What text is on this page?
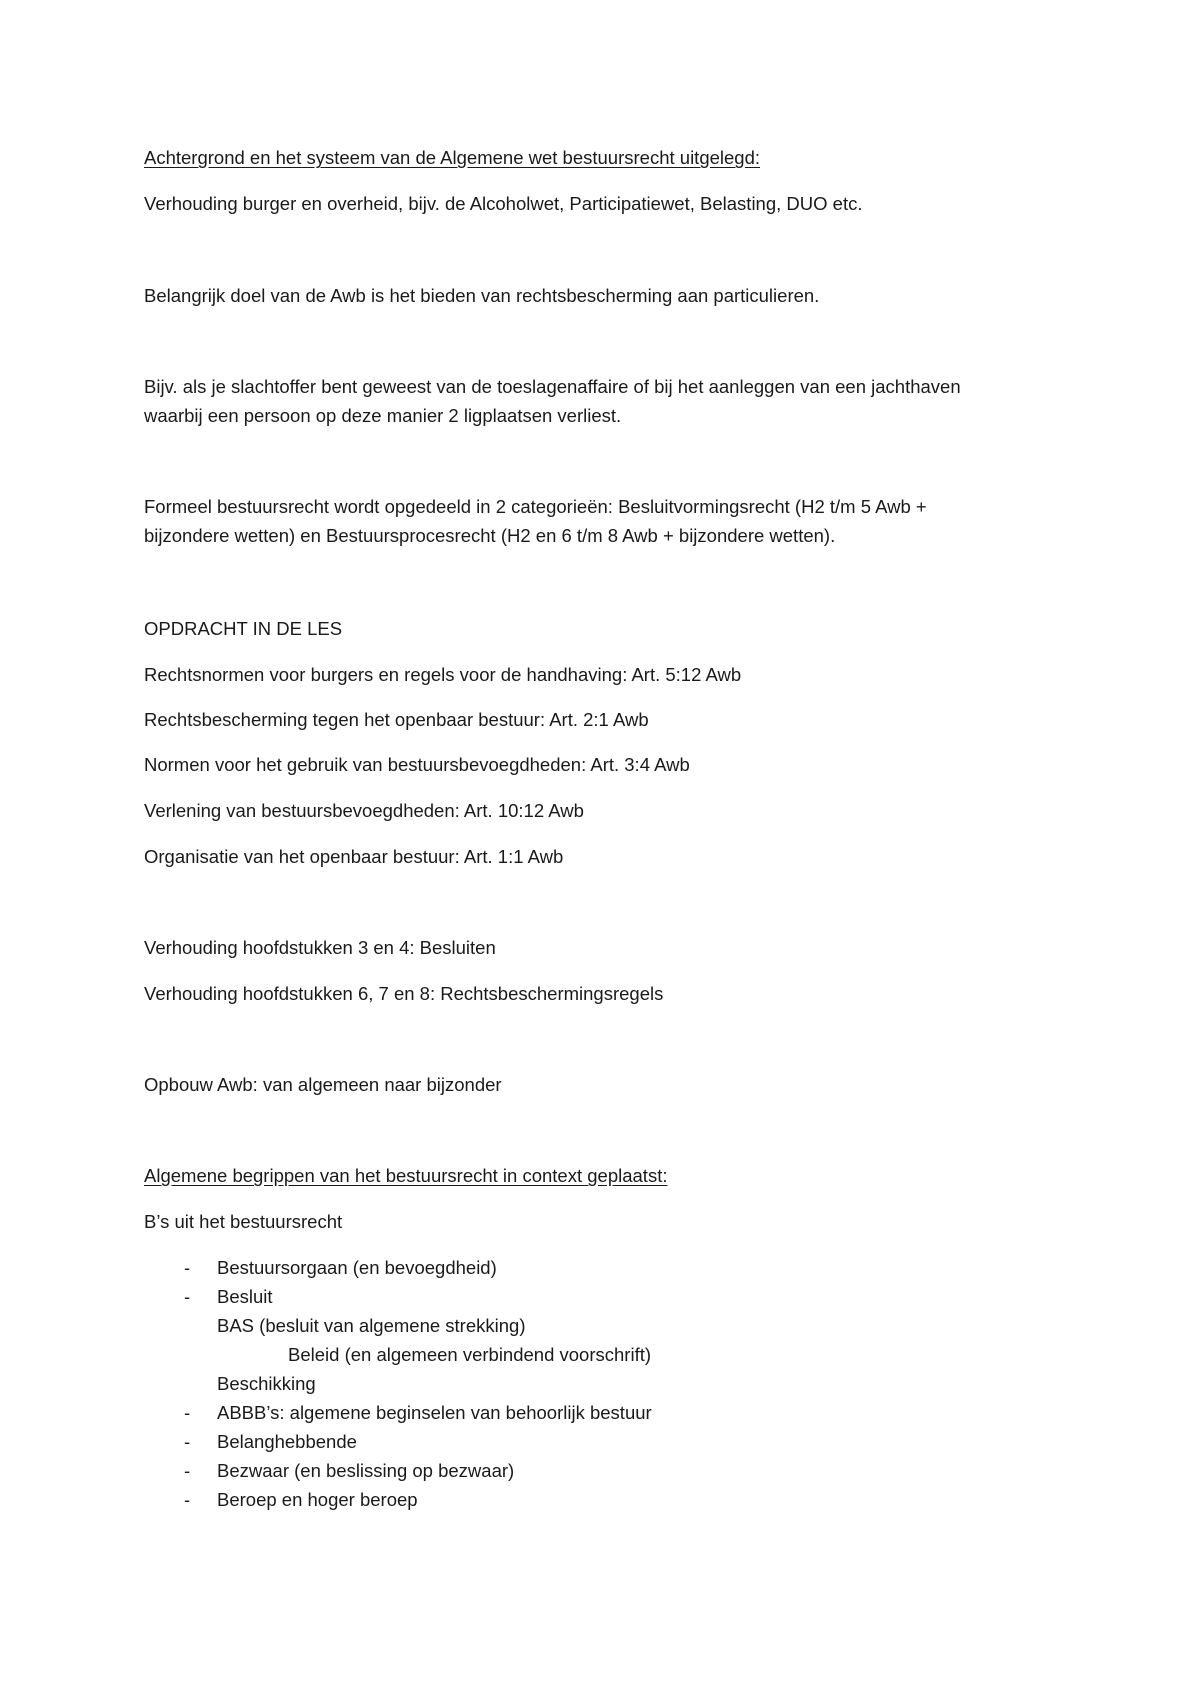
Achtergrond en het systeem van de Algemene wet bestuursrecht uitgelegd:
Verhouding burger en overheid, bijv. de Alcoholwet, Participatiewet, Belasting, DUO etc.
Belangrijk doel van de Awb is het bieden van rechtsbescherming aan particulieren.
Bijv. als je slachtoffer bent geweest van de toeslagenaffaire of bij het aanleggen van een jachthaven
waarbij een persoon op deze manier 2 ligplaatsen verliest.
Formeel bestuursrecht wordt opgedeeld in 2 categorieën: Besluitvormingsrecht (H2 t/m 5 Awb +
bijzondere wetten) en Bestuursprocesrecht (H2 en 6 t/m 8 Awb + bijzondere wetten).
OPDRACHT IN DE LES
Rechtsnormen voor burgers en regels voor de handhaving: Art. 5:12 Awb
Rechtsbescherming tegen het openbaar bestuur: Art. 2:1 Awb
Normen voor het gebruik van bestuursbevoegdheden: Art. 3:4 Awb
Verlening van bestuursbevoegdheden: Art. 10:12 Awb
Organisatie van het openbaar bestuur: Art. 1:1 Awb
Verhouding hoofdstukken 3 en 4: Besluiten
Verhouding hoofdstukken 6, 7 en 8: Rechtsbeschermingsregels
Opbouw Awb: van algemeen naar bijzonder
Algemene begrippen van het bestuursrecht in context geplaatst:
B’s uit het bestuursrecht
- Bestuursorgaan (en bevoegdheid)
- Besluit
BAS (besluit van algemene strekking)
Beleid (en algemeen verbindend voorschrift)
Beschikking
- ABBB’s: algemene beginselen van behoorlijk bestuur
- Belanghebbende
- Bezwaar (en beslissing op bezwaar)
- Beroep en hoger beroep
